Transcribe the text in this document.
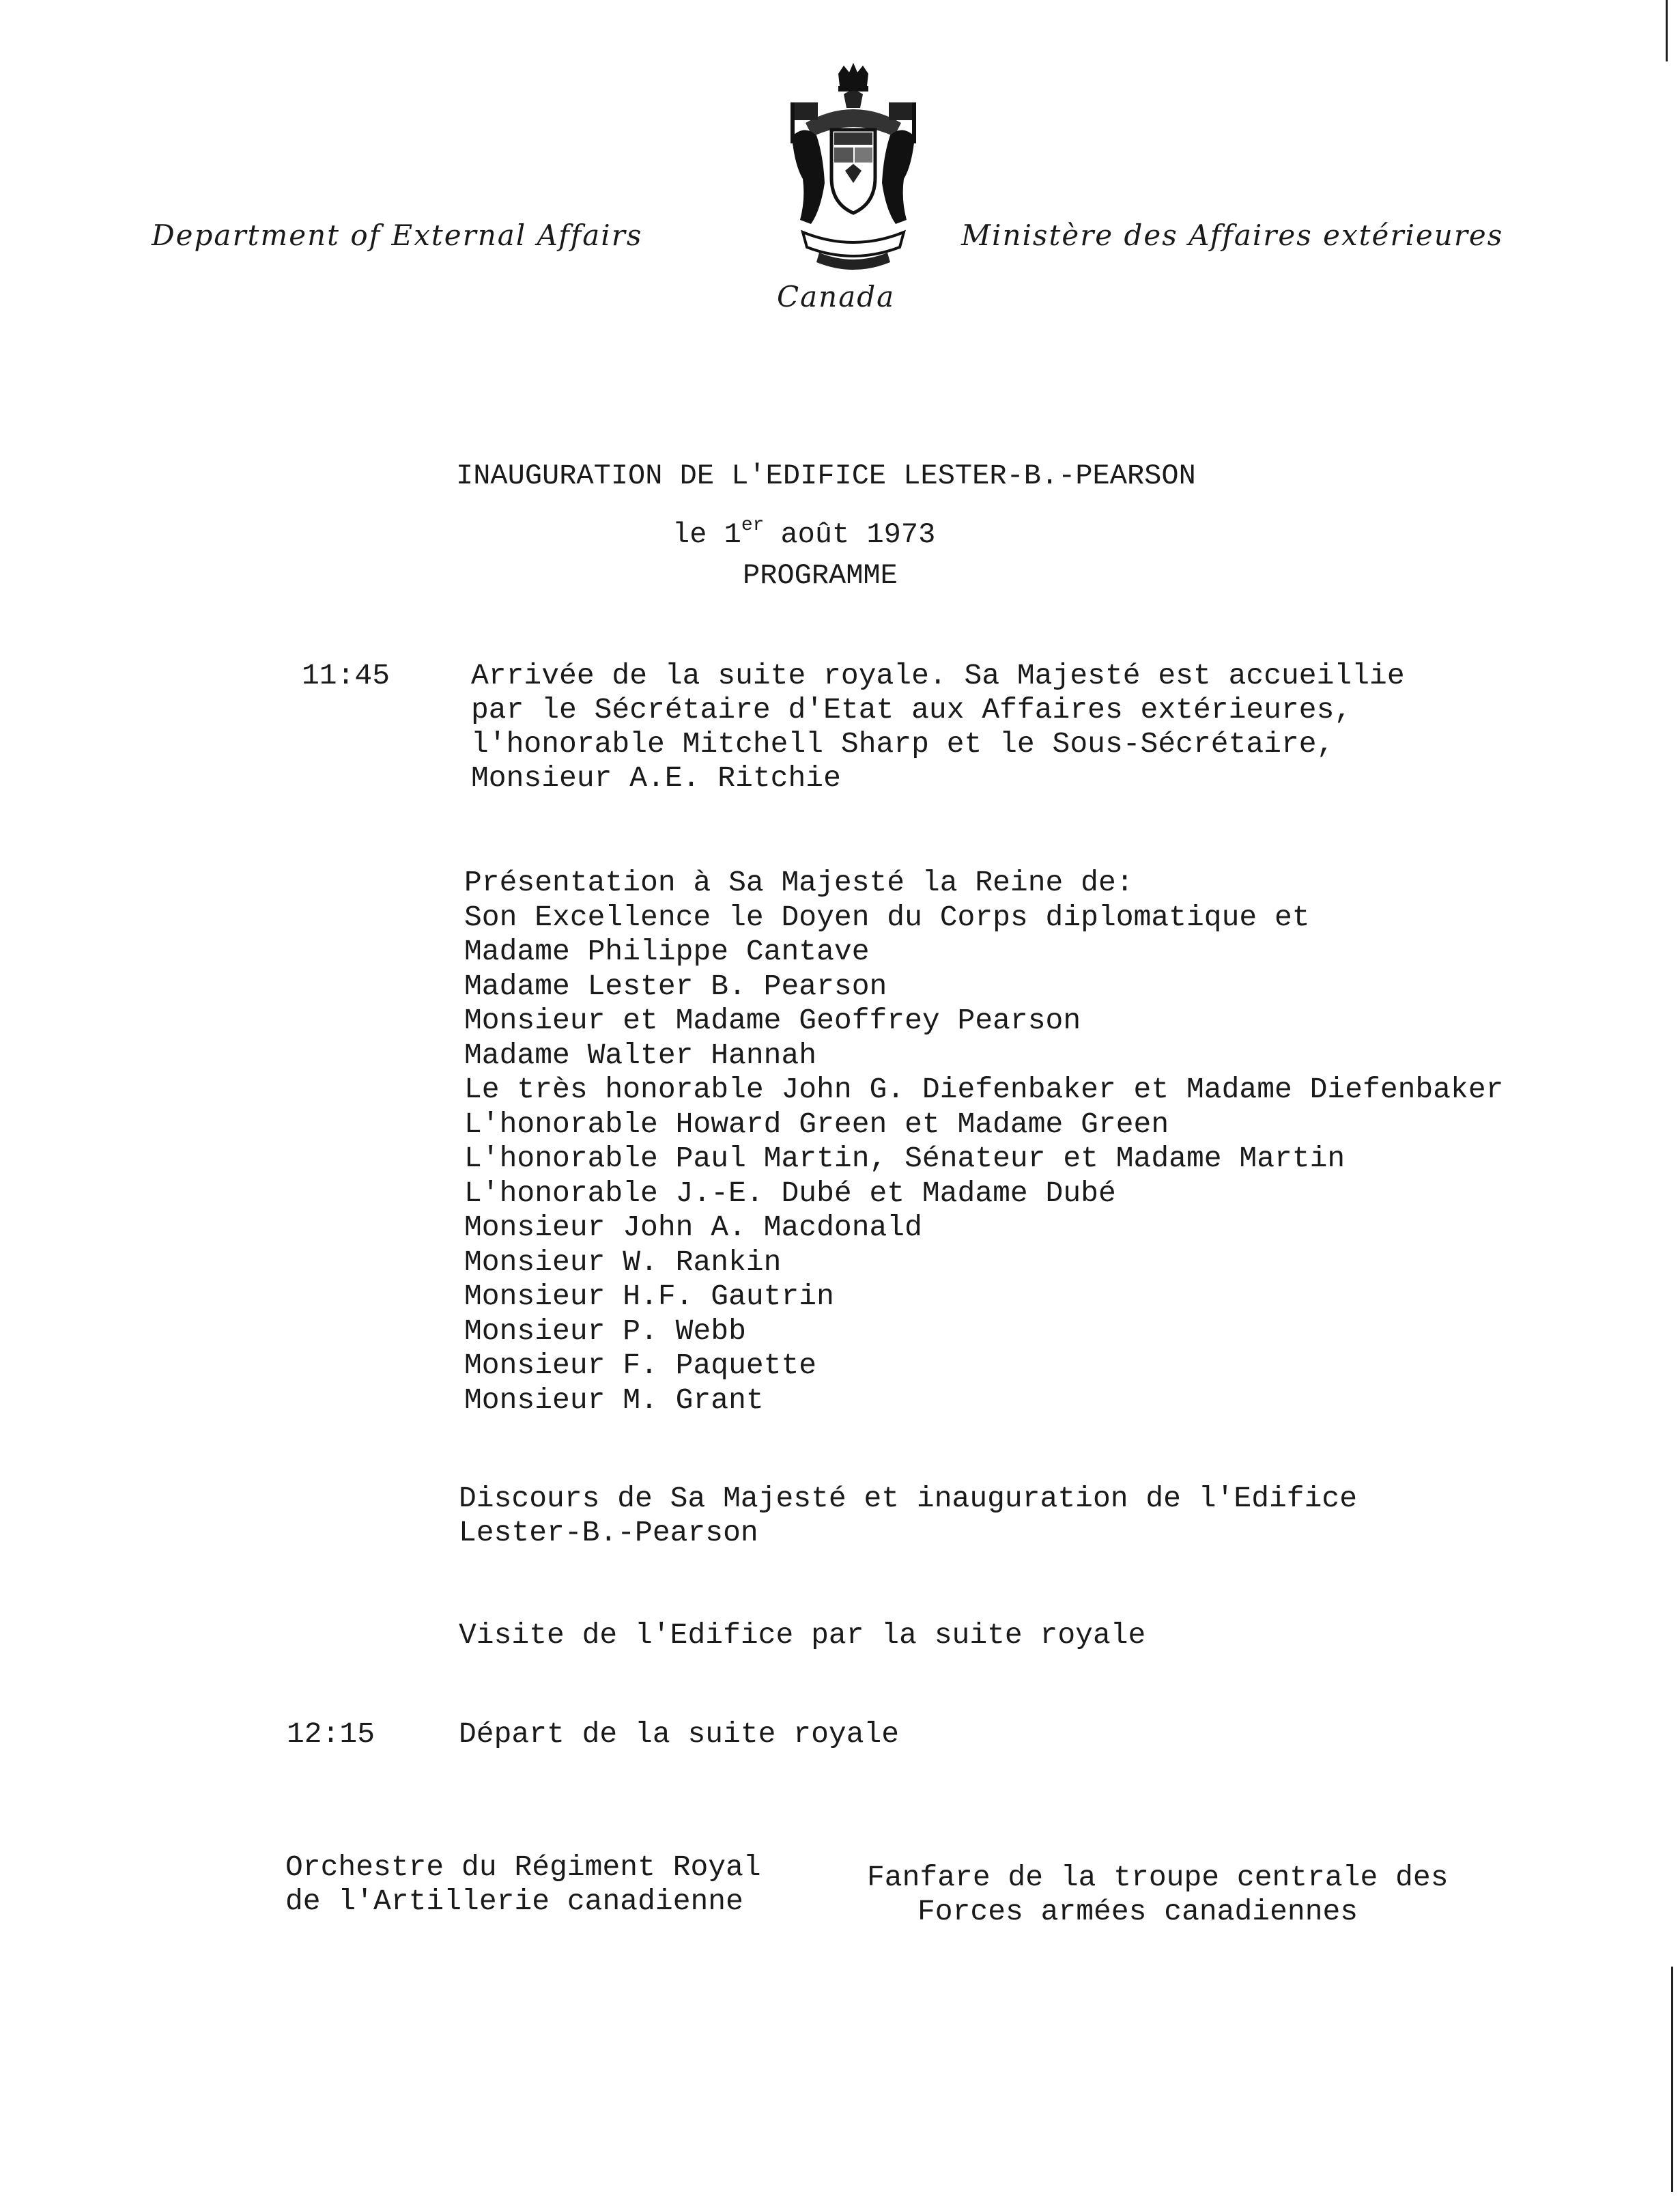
Department of External Affairs	Ministère des Affaires extérieures
Canada
INAUGURATION DE L'EDIFICE LESTER-B.-PEARSON
le 1er août 1973
PROGRAMME
11:45	Arrivée de la suite royale. Sa Majesté est accueillie
par le Sécrétaire d'Etat aux Affaires extérieures,
l'honorable Mitchell Sharp et le Sous-Sécrétaire,
Monsieur A.E. Ritchie
Présentation à Sa Majesté la Reine de:
Son Excellence le Doyen du Corps diplomatique et
Madame Philippe Cantave
Madame Lester B. Pearson
Monsieur et Madame Geoffrey Pearson
Madame Walter Hannah
Le très honorable John G. Diefenbaker et Madame Diefenbaker
L'honorable Howard Green et Madame Green
L'honorable Paul Martin, Sénateur et Madame Martin
L'honorable J.-E. Dubé et Madame Dubé
Monsieur John A. Macdonald
Monsieur W. Rankin
Monsieur H.F. Gautrin
Monsieur P. Webb
Monsieur F. Paquette
Monsieur M. Grant
Discours de Sa Majesté et inauguration de l'Edifice
Lester-B.-Pearson
Visite de l'Edifice par la suite royale
12:15	Départ de la suite royale
Orchestre du Régiment Royal
de l'Artillerie canadienne
Fanfare de la troupe centrale des
Forces armées canadiennes
